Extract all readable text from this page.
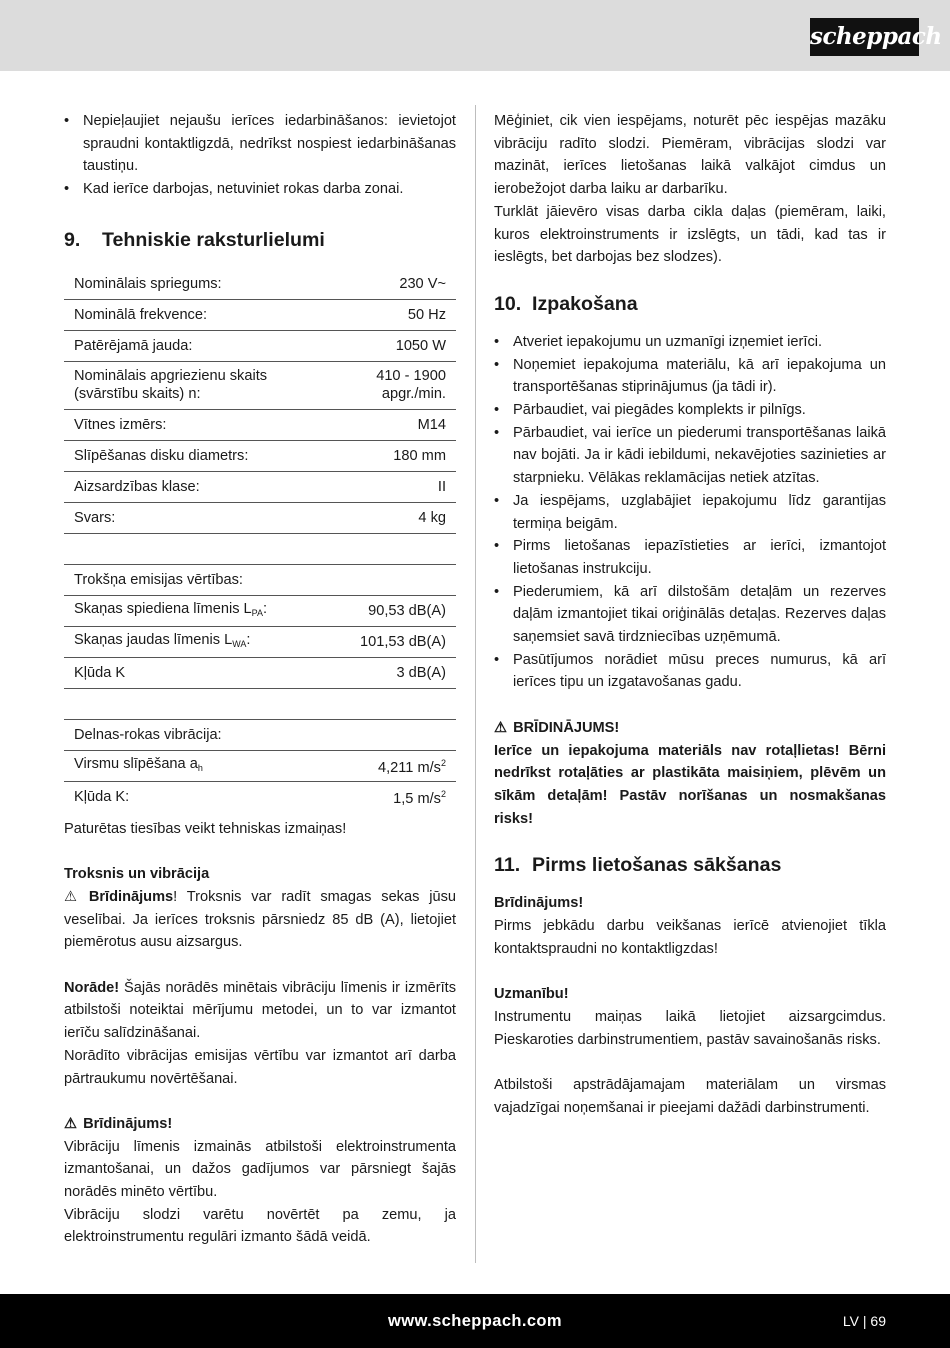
scheppach
• Nepieļaujiet nejaušu ierīces iedarbināšanos: ievietojot spraudni kontaktligzdā, nedrīkst nospiest iedarbināšanas taustiņu.
• Kad ierīce darbojas, netuviniet rokas darba zonai.
9. Tehniskie raksturlielumi
Nominālais spriegums:	230 V~
Nominālā frekvence:	50 Hz
Patērējamā jauda:	1050 W
Nominālais apgriezienu skaits (svārstību skaits) n:	410 - 1900 apgr./min.
Vītnes izmērs:	M14
Slīpēšanas disku diametrs:	180 mm
Aizsardzības klase:	II
Svars:	4 kg

Trokšņa emisijas vērtības:	
Skaņas spiediena līmenis $L_{PA}$:	90,53 dB(A)
Skaņas jaudas līmenis $L_{WA}$:	101,53 dB(A)
Kļūda K	3 dB(A)

Delnas-rokas vibrācija:	
Virsmu slīpēšana $a_h$	4,211 $m/s^2$
Kļūda K:	1,5 $m/s^2$

Paturētas tiesības veikt tehniskas izmaiņas!

Troksnis un vibrācija

⚠ Brīdinājums! Troksnis var radīt smagas sekas jūsu veselībai. Ja ierīces troksnis pārsniedz 85 dB (A), lietojiet piemērotus ausu aizsargus.

Norāde! Šajās norādēs minētais vibrāciju līmenis ir izmērīts atbilstoši noteiktai mērījumu metodei, un to var izmantot ierīču salīdzināšanai.

Norādīto vibrācijas emisijas vērtību var izmantot arī darba pārtraukumu novērtēšanai.

⚠ Brīdinājums!

Vibrāciju līmenis izmainās atbilstoši elektroinstrumenta izmantošanai, un dažos gadījumos var pārsniegt šajās norādēs minēto vērtību.

Vibrāciju slodzi varētu novērtēt pa zemu, ja elektroinstrumentu regulāri izmanto šādā veidā.

Mēģiniet, cik vien iespējams, noturēt pēc iespējas mazāku vibrāciju radīto slodzi. Piemēram, vibrācijas slodzi var mazināt, ierīces lietošanas laikā valkājot cimdus un ierobežojot darba laiku ar darbarīku.

Turklāt jāievēro visas darba cikla daļas (piemēram, laiki, kuros elektroinstruments ir izslēgts, un tādi, kad tas ir ieslēgts, bet darbojas bez slodzes).

10. Izpakošana
• Atveriet iepakojumu un uzmanīgi izņemiet ierīci.
• Noņemiet iepakojuma materiālu, kā arī iepakojuma un transportēšanas stiprinājumus (ja tādi ir).
• Pārbaudiet, vai piegādes komplekts ir pilnīgs.
• Pārbaudiet, vai ierīce un piederumi transportēšanas laikā nav bojāti. Ja ir kādi iebildumi, nekavējoties sazinieties ar starpnieku. Vēlākas reklamācijas netiek atzītas.
• Ja iespējams, uzglabājiet iepakojumu līdz garantijas termiņa beigām.
• Pirms lietošanas iepazīstieties ar ierīci, izmantojot lietošanas instrukciju.
• Piederumiem, kā arī dilstošām detaļām un rezerves daļām izmantojiet tikai oriģinālās detaļas. Rezerves daļas saņemsiet savā tirdzniecības uzņēmumā.
• Pasūtījumos norādiet mūsu preces numurus, kā arī ierīces tipu un izgatavošanas gadu.

⚠ BRĪDINĀJUMS!

Ierīce un iepakojuma materiāls nav rotaļlietas! Bērni nedrīkst rotaļāties ar plastikāta maisiņiem, plēvēm un sīkām detaļām! Pastāv norīšanas un nosmakšanas risks!

11. Pirms lietošanas sākšanas

Brīdinājums!

Pirms jebkādu darbu veikšanas ierīcē atvienojiet tīkla kontaktspraudni no kontaktligzdas!

Uzmanību!

Instrumentu maiņas laikā lietojiet aizsargcimdus. Pieskaroties darbinstrumentiem, pastāv savainošanās risks.

Atbilstoši apstrādājamajam materiālam un virsmas vajadzīgai noņemšanai ir pieejami dažādi darbinstrumenti.

www.scheppach.com	LV | 69
